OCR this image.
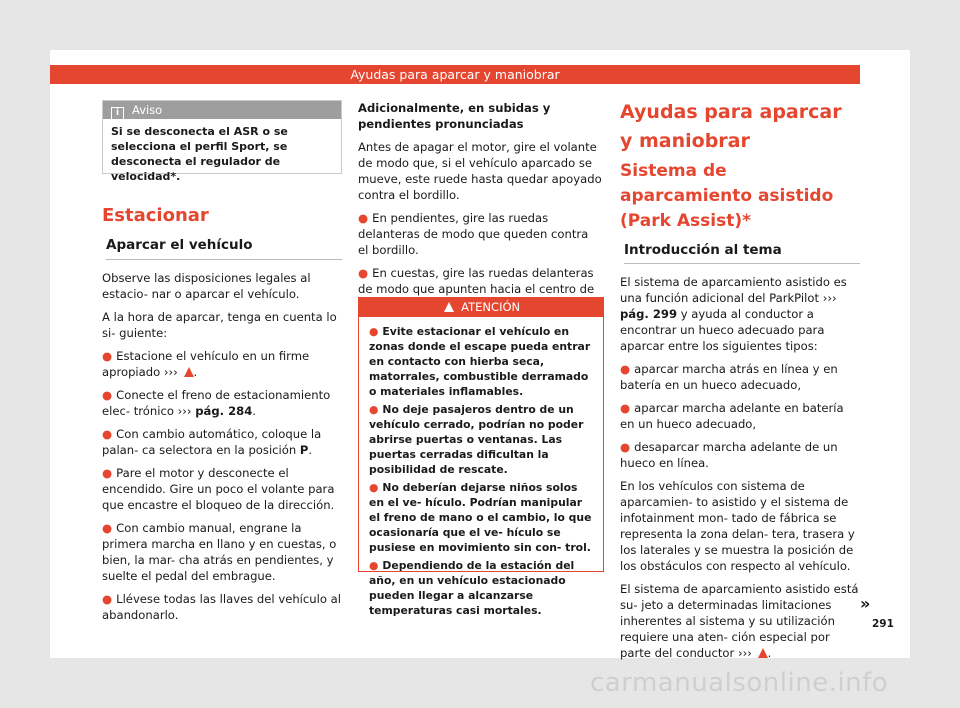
Ayudas para aparcar y maniobrar
i Aviso
Si se desconecta el ASR o se selecciona el perfil Sport, se desconecta el regulador de velocidad*.
Estacionar
Aparcar el vehículo

Observe las disposiciones legales al estacio- nar o aparcar el vehículo.

A la hora de aparcar, tenga en cuenta lo si- guiente:

● Estacione el vehículo en un firme apropiado ››› .

● Conecte el freno de estacionamiento elec- trónico ››› pág. 284.

● Con cambio automático, coloque la palan- ca selectora en la posición P.

● Pare el motor y desconecte el encendido. Gire un poco el volante para que encastre el bloqueo de la dirección.

● Con cambio manual, engrane la primera marcha en llano y en cuestas, o bien, la mar- cha atrás en pendientes, y suelte el pedal del embrague.

● Llévese todas las llaves del vehículo al abandonarlo.

Adicionalmente, en subidas y pendientes pronunciadas

Antes de apagar el motor, gire el volante de modo que, si el vehículo aparcado se mueve, este ruede hasta quedar apoyado contra el bordillo.

● En pendientes, gire las ruedas delanteras de modo que queden contra el bordillo.

● En cuestas, gire las ruedas delanteras de modo que apunten hacia el centro de

ATENCIÓN

● Evite estacionar el vehículo en zonas donde el escape pueda entrar en contacto con hierba seca, matorrales, combustible derramado o materiales inflamables.

● No deje pasajeros dentro de un vehículo cerrado, podrían no poder abrirse puertas o ventanas. Las puertas cerradas dificultan la posibilidad de rescate.

● No deberían dejarse niños solos en el ve- hículo. Podrían manipular el freno de mano o el cambio, lo que ocasionaría que el ve- hículo se pusiese en movimiento sin con- trol.

● Dependiendo de la estación del año, en un vehículo estacionado pueden llegar a alcanzarse temperaturas casi mortales.

Ayudas para aparcar y maniobrar
Sistema de aparcamiento asistido (Park Assist)*
Introducción al tema

El sistema de aparcamiento asistido es una función adicional del ParkPilot ››› pág. 299 y ayuda al conductor a encontrar un hueco adecuado para aparcar entre los siguientes tipos:

● aparcar marcha atrás en línea y en batería en un hueco adecuado,

● aparcar marcha adelante en batería en un hueco adecuado,

● desaparcar marcha adelante de un hueco en línea.

En los vehículos con sistema de aparcamien- to asistido y el sistema de infotainment mon- tado de fábrica se representa la zona delan- tera, trasera y los laterales y se muestra la posición de los obstáculos con respecto al vehículo.

El sistema de aparcamiento asistido está su- jeto a determinadas limitaciones inherentes al sistema y su utilización requiere una aten- ción especial por parte del conductor ››› .

»
291
carmanualsonline.info
